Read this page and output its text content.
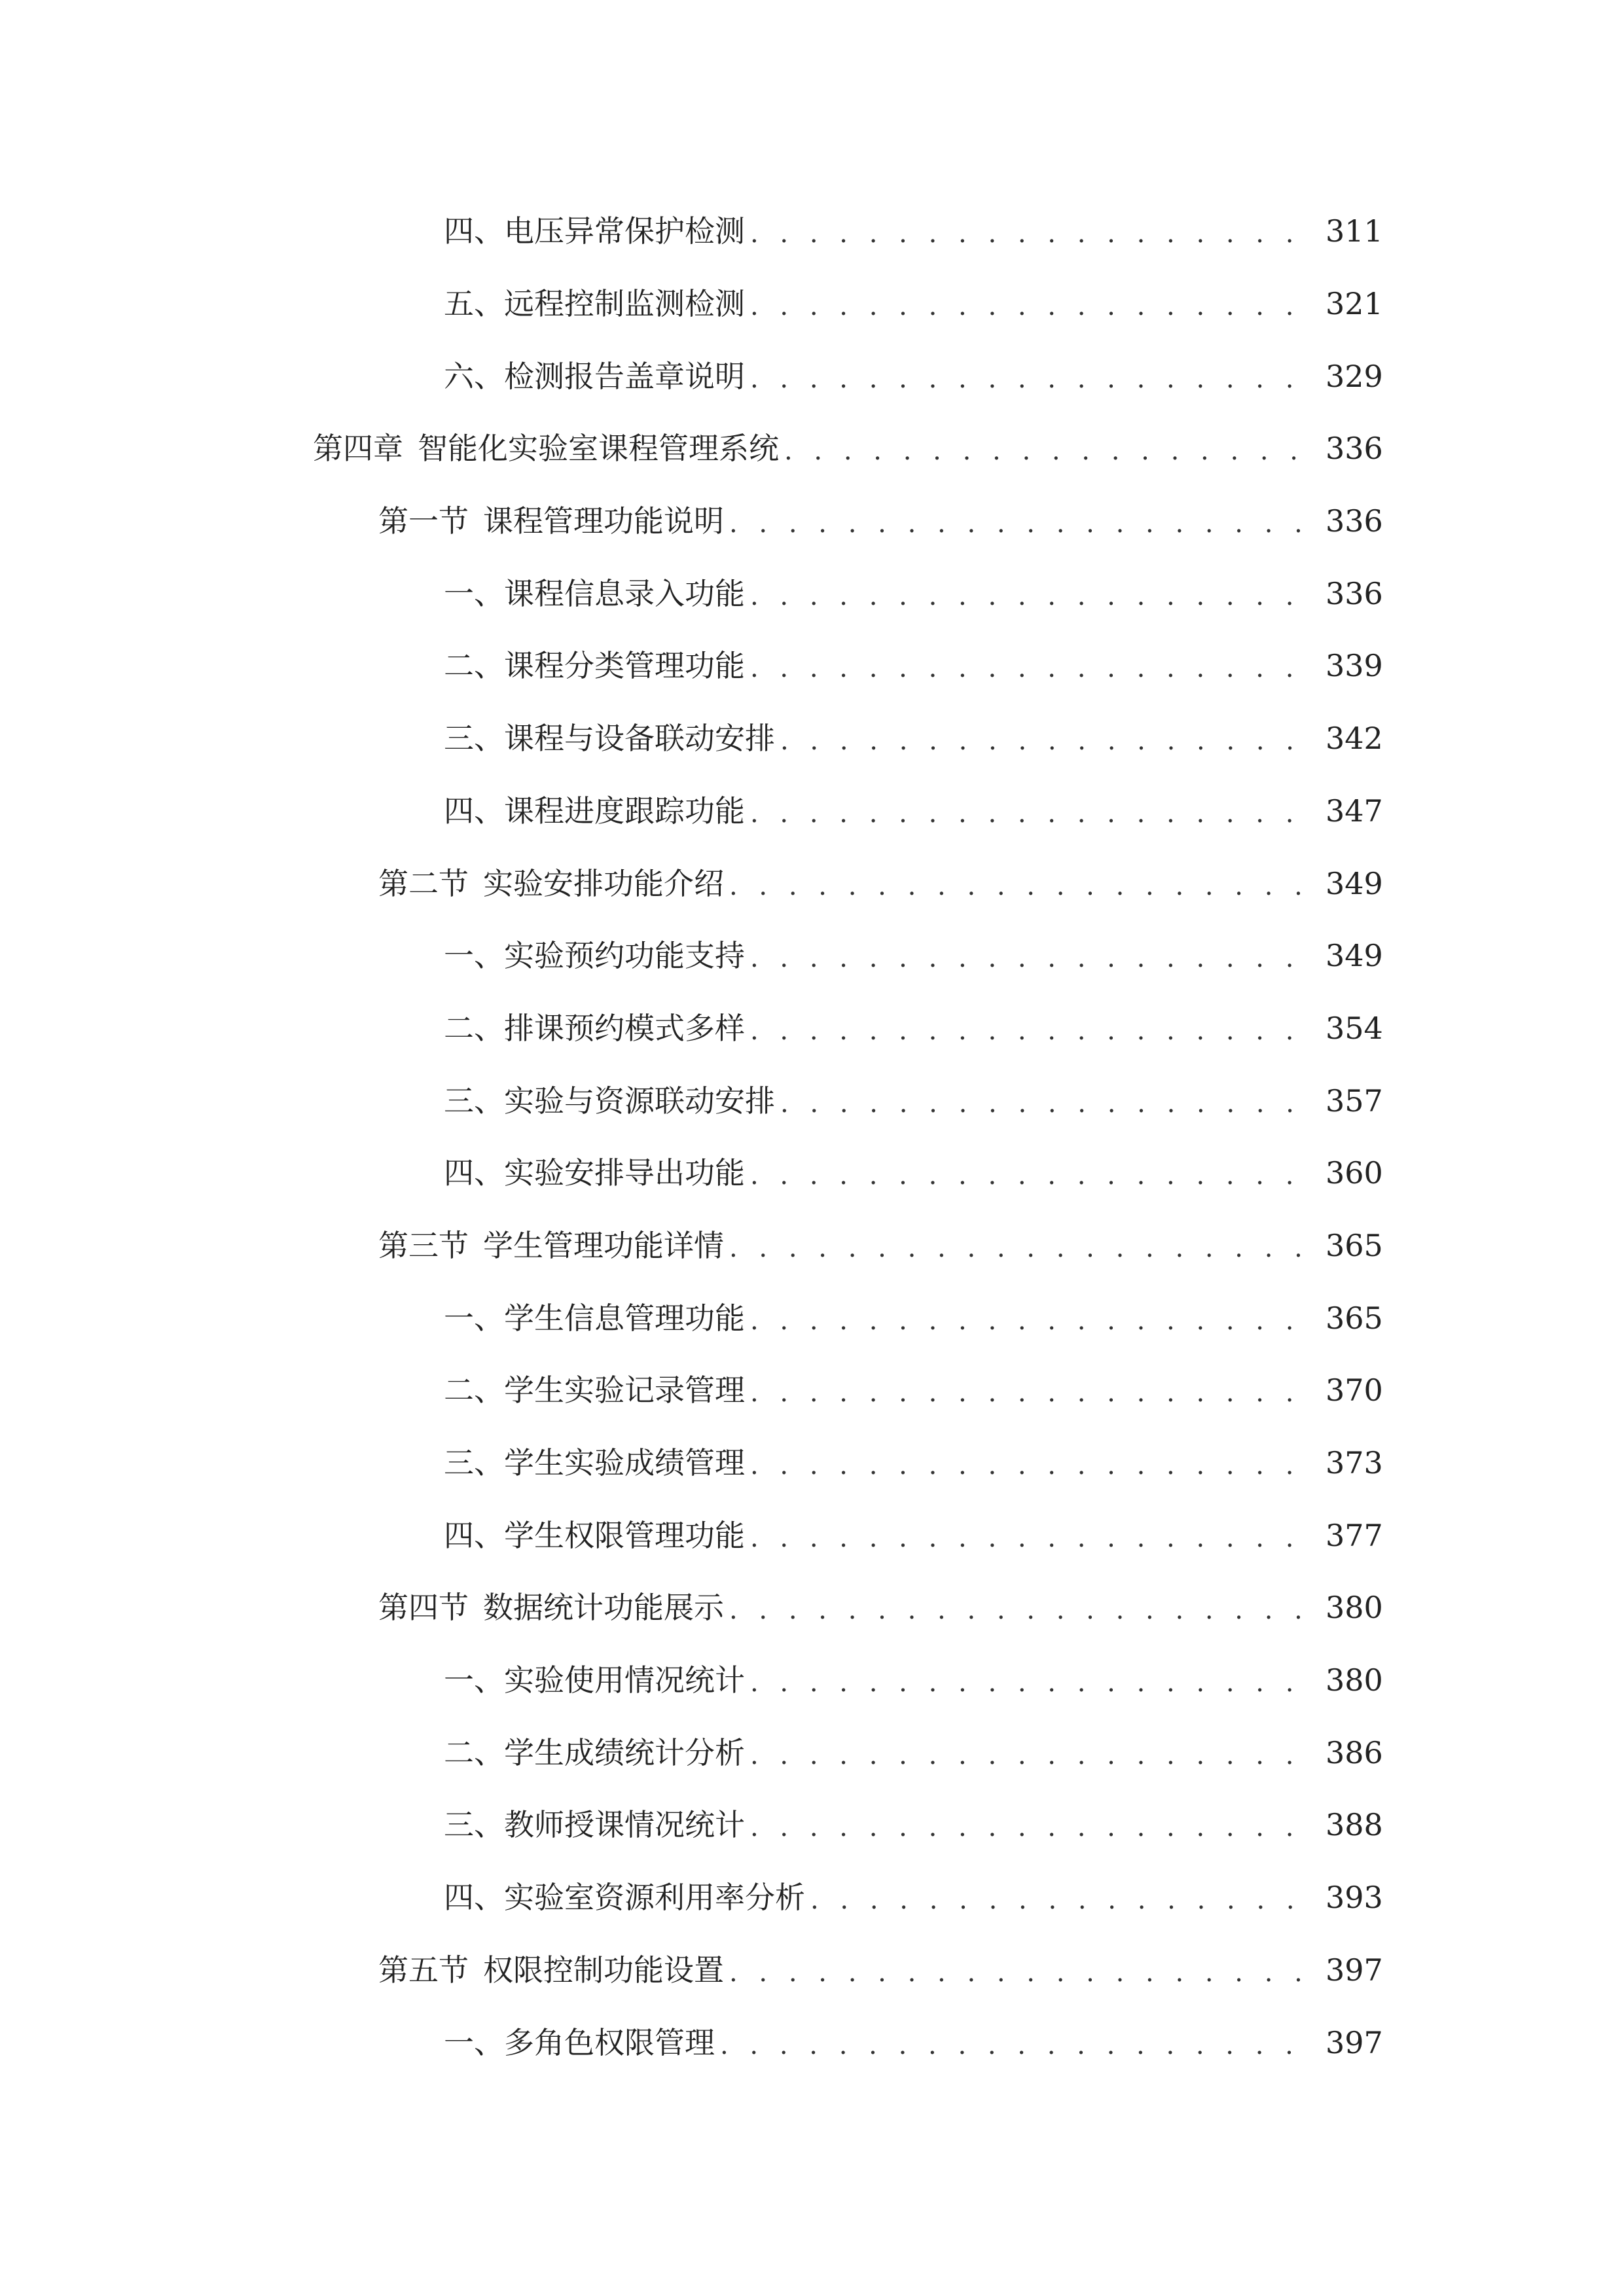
四、 电压异常保护检测 . . .	311
五、 远程控制监测检测 . . .	321
六、 检测报告盖章说明 . . .	329
第四章 智能化实验室课程管理系统 . . .	336
第一节 课程管理功能说明 . . .	336
一、 课程信息录入功能 . . .	336
二、 课程分类管理功能 . . .	339
三、 课程与设备联动安排 . . .	342
四、 课程进度跟踪功能 . . .	347
第二节 实验安排功能介绍 . . .	349
一、 实验预约功能支持 . . .	349
二、 排课预约模式多样 . . .	354
三、 实验与资源联动安排 . . .	357
四、 实验安排导出功能 . . .	360
第三节 学生管理功能详情 . . .	365
一、 学生信息管理功能 . . .	365
二、 学生实验记录管理 . . .	370
三、 学生实验成绩管理 . . .	373
四、 学生权限管理功能 . . .	377
第四节 数据统计功能展示 . . .	380
一、 实验使用情况统计 . . .	380
二、 学生成绩统计分析 . . .	386
三、 教师授课情况统计 . . .	388
四、 实验室资源利用率分析 . . .	393
第五节 权限控制功能设置 . . .	397
一、 多角色权限管理 . . .	397
